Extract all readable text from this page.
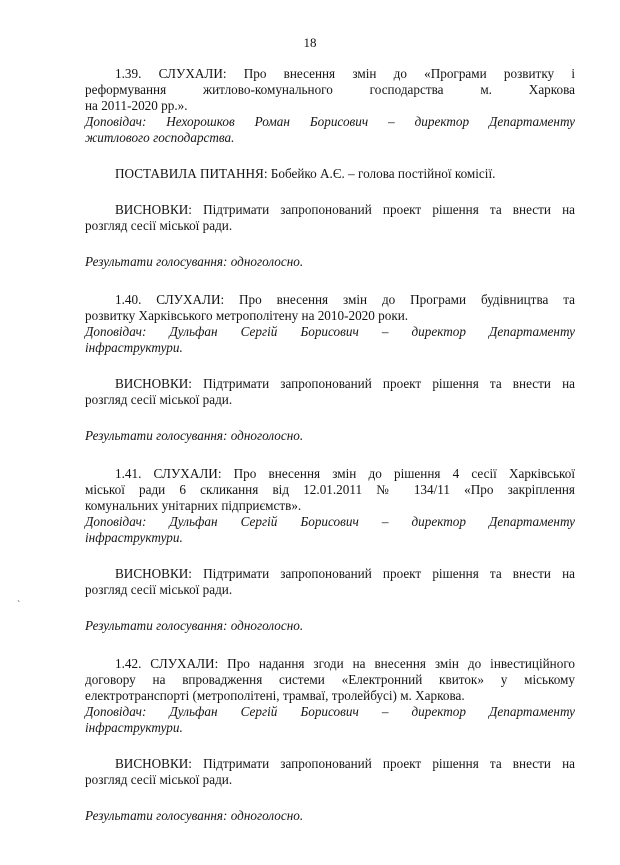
18
`

1.39. СЛУХАЛИ: Про внесення змін до «Програми розвитку і
реформування житлово-комунального господарства м. Харкова
на 2011-2020 рр.».

Доповідач: Нехорошков Роман Борисович – директор Департаменту
житлового господарства.

ПОСТАВИЛА ПИТАННЯ: Бобейко А.Є. – голова постійної комісії.

ВИСНОВКИ: Підтримати запропонований проект рішення та внести на
розгляд сесії міської ради.

Результати голосування: одноголосно.

1.40. СЛУХАЛИ: Про внесення змін до Програми будівництва та
розвитку Харківського метрополітену на 2010-2020 роки.

Доповідач: Дульфан Сергій Борисович – директор Департаменту
інфраструктури.

ВИСНОВКИ: Підтримати запропонований проект рішення та внести на
розгляд сесії міської ради.

Результати голосування: одноголосно.

1.41. СЛУХАЛИ: Про внесення змін до рішення 4 сесії Харківської
міської ради 6 скликання від 12.01.2011 № 134/11 «Про закріплення
комунальних унітарних підприємств».

Доповідач: Дульфан Сергій Борисович – директор Департаменту
інфраструктури.

ВИСНОВКИ: Підтримати запропонований проект рішення та внести на
розгляд сесії міської ради.

Результати голосування: одноголосно.

1.42. СЛУХАЛИ: Про надання згоди на внесення змін до інвестиційного
договору на впровадження системи «Електронний квиток» у міському
електротранспорті (метрополітені, трамваї, тролейбусі) м. Харкова.

Доповідач: Дульфан Сергій Борисович – директор Департаменту
інфраструктури.

ВИСНОВКИ: Підтримати запропонований проект рішення та внести на
розгляд сесії міської ради.

Результати голосування: одноголосно.
